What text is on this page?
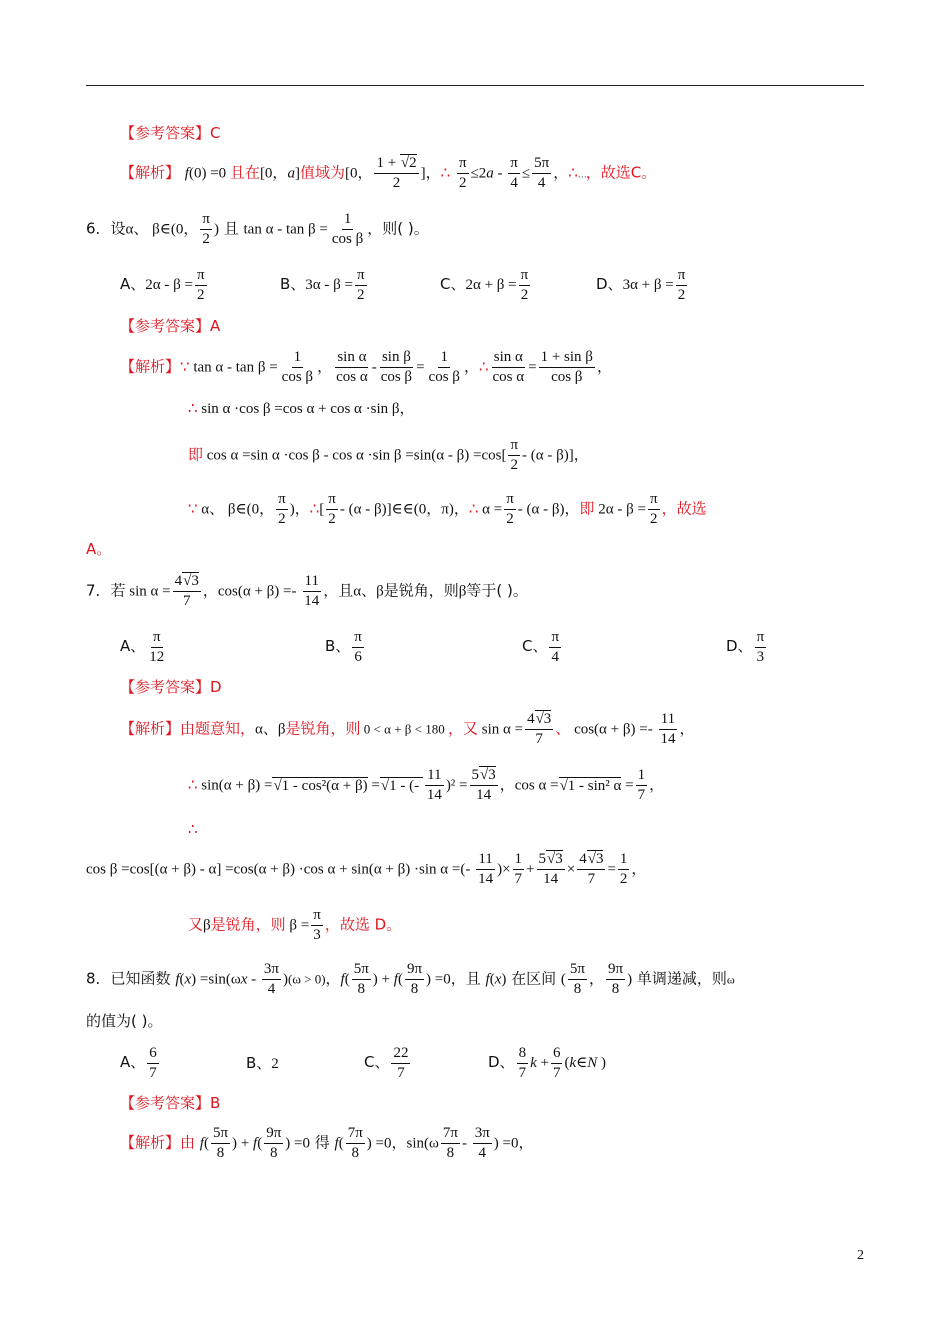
【参考答案】C
【解析】 f(0) =0 且在[0，a]值域为[0， $\frac{1 + √2}{2}$ ]，∴ $\frac{\pi}{2} \le 2a - \frac{\pi}{4} \le \frac{5\pi}{4}$ ，∴…，故选C。
6．设α、 β∈(0， $\frac{\pi}{2}$ ) 且 $\tan \alpha - \tan \beta = \frac{1}{\text{cos β}}$ ，则( )。
A、$2\alpha - \beta = \frac{\pi}{2}$	B、$3\alpha - \beta = \frac{\pi}{2}$	C、$2\alpha + \beta = \frac{\pi}{2}$	D、$3\alpha + \beta = \frac{\pi}{2}$
【参考答案】A
【解析】∵ $\tan \alpha - \tan \beta = \frac{1}{\text{cos β}}$ ， $\frac{\text{sin α}}{\text{cos α}} - \frac{\text{sin β}}{\text{cos β}} = \frac{1}{\text{cos β}}$ ，∴ $\frac{\text{sin α}}{\text{cos α}} = \frac{\text{1 + sin β}}{\text{cos β}}$ ，
∴ sin α ·cos β =cos α + cos α ·sin β，
即 cos α =sin α ·cos β - cos α ·sin $\beta =\sin(\alpha - \beta) =\cos[ \frac{\pi}{2} - (\alpha - \beta)]$，
∵ α、 β∈(0， $\frac{\pi}{2}$ )，∴[ $\frac{\pi}{2} - (\alpha$ - β)]∈∈(0，π)，∴ $\alpha = \frac{\pi}{2} - (\alpha - \beta)$，即 $2\alpha - \beta = \frac{\pi}{2}$ ，故选
A。
7．若 $\sin \alpha = \frac{4√3}{7}$ ，$\cos(\alpha + \beta) =- \frac{11}{14}$ ，且α、β是锐角，则β等于( )。
A、 $\frac{\pi}{12}$	B、 $\frac{\pi}{6}$	C、 $\frac{\pi}{4}$	D、 $\frac{\pi}{3}$
【参考答案】D
【解析】由题意知，α、β是锐角，则 0 < α + β < 180 ，又 $\sin \alpha = \frac{4√3}{7}$ 、 $\cos(\alpha + \beta) =- \frac{11}{14}$ ，
∴ sin(α + β) =√1 - cos²(α + β) =√1 - (- $\frac{11}{14} )^2 = \frac{5√3}{14}$ ，cos α =√1 - sin² $\alpha = \frac{1}{7}$ ，
∴
cos β =cos[(α + β) - α] =cos(α + β) ·cos α + sin(α + β) ·sin α =(- $\frac{11}{14}$ )× $\frac{1}{7} + \frac{5√3}{14} \times \frac{4√3}{7} = \frac{1}{2}$ ，
又β是锐角，则 $\beta = \frac{\pi}{3}$ ，故选 D。
8．已知函数 $f(x) =\sin(\omega x - \frac{3\pi}{4} )(\omega > 0)$，$f( \frac{5\pi}{8}$ ) + $f( \frac{9\pi}{8}$ ) =0，且 f(x) 在区间 ( $\frac{5\pi}{8}$ ， $\frac{9\pi}{8}$ ) 单调递减，则ω
的值为( )。
A、 $\frac{6}{7}$	B、2	C、 $\frac{22}{7}$	D、 $\frac{8}{7}$ $k + \frac{6}{7}$ (k∈N )
【参考答案】B
【解析】由 $f( \frac{5\pi}{8}$ ) + $f( \frac{9\pi}{8}$ ) =0 得 $f( \frac{7\pi}{8}$ ) =0，$\sin(\omega \frac{7\pi}{8} - \frac{3\pi}{4}$ ) =0，
2
